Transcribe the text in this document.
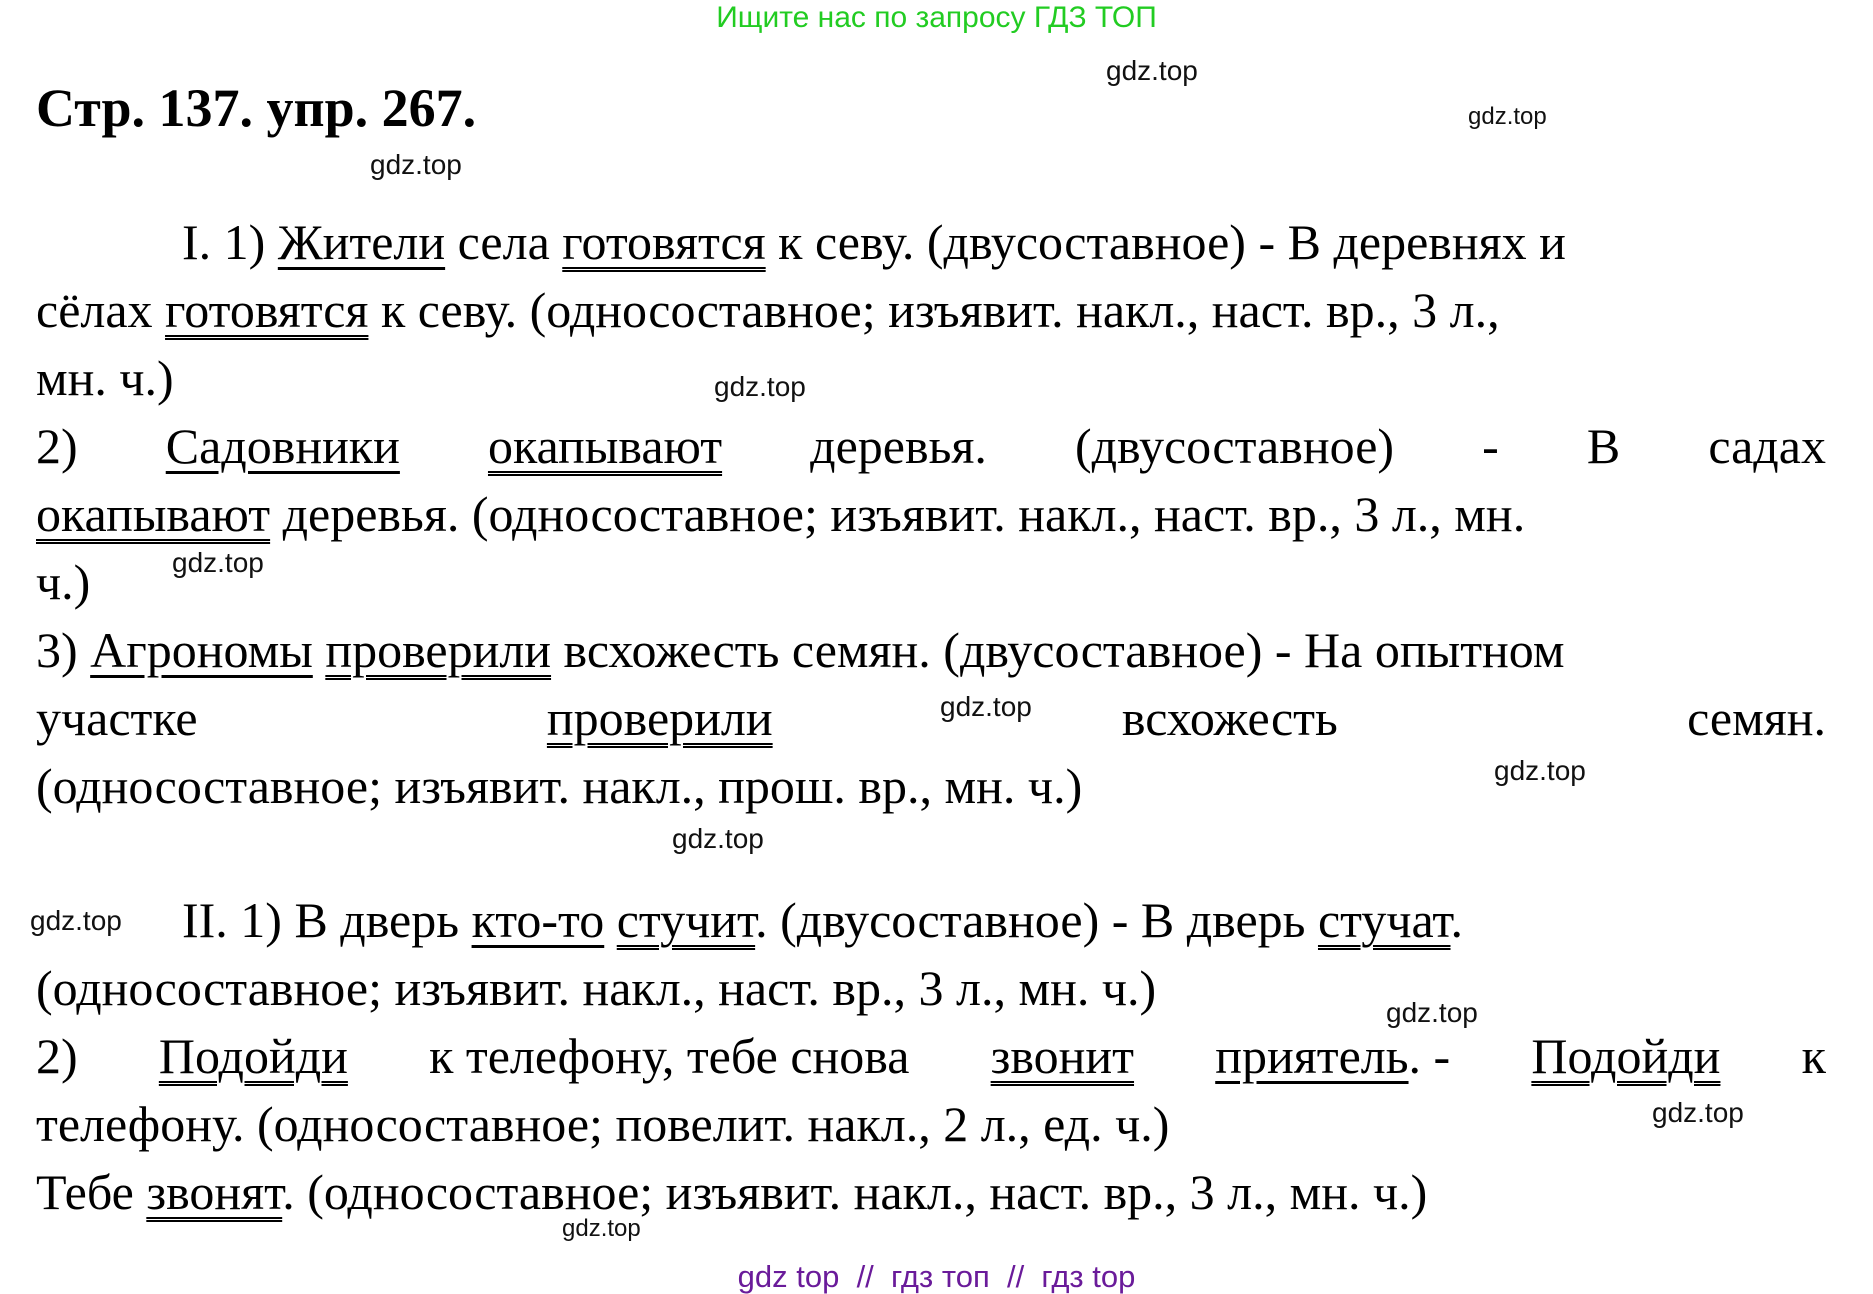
Ищите нас по запросу ГДЗ ТОП
Стр. 137. упр. 267.
gdz.top
gdz.top
gdz.top
gdz.top
gdz.top
gdz.top
gdz.top
gdz.top
gdz.top
gdz.top
gdz.top
gdz.top
I. 1) Жители села готовятся к севу. (двусоставное) - В деревнях и
сёлах готовятся к севу. (односоставное; изъявит. накл., наст. вр., 3 л.,
мн. ч.)
2) Садовники окапывают деревья. (двусоставное) - В садах
окапывают деревья. (односоставное; изъявит. накл., наст. вр., 3 л., мн.
ч.)
3) Агрономы проверили всхожесть семян. (двусоставное) - На опытном
участке	проверили	всхожесть	семян.
(односоставное; изъявит. накл., прош. вр., мн. ч.)
II. 1) В дверь кто-то стучит. (двусоставное) - В дверь стучат.
(односоставное; изъявит. накл., наст. вр., 3 л., мн. ч.)
2) Подойди к телефону, тебе снова звонит приятель. - Подойди к
телефону. (односоставное; повелит. накл., 2 л., ед. ч.)
Тебе звонят. (односоставное; изъявит. накл., наст. вр., 3 л., мн. ч.)
gdz top  //  гдз топ  //  гдз top
